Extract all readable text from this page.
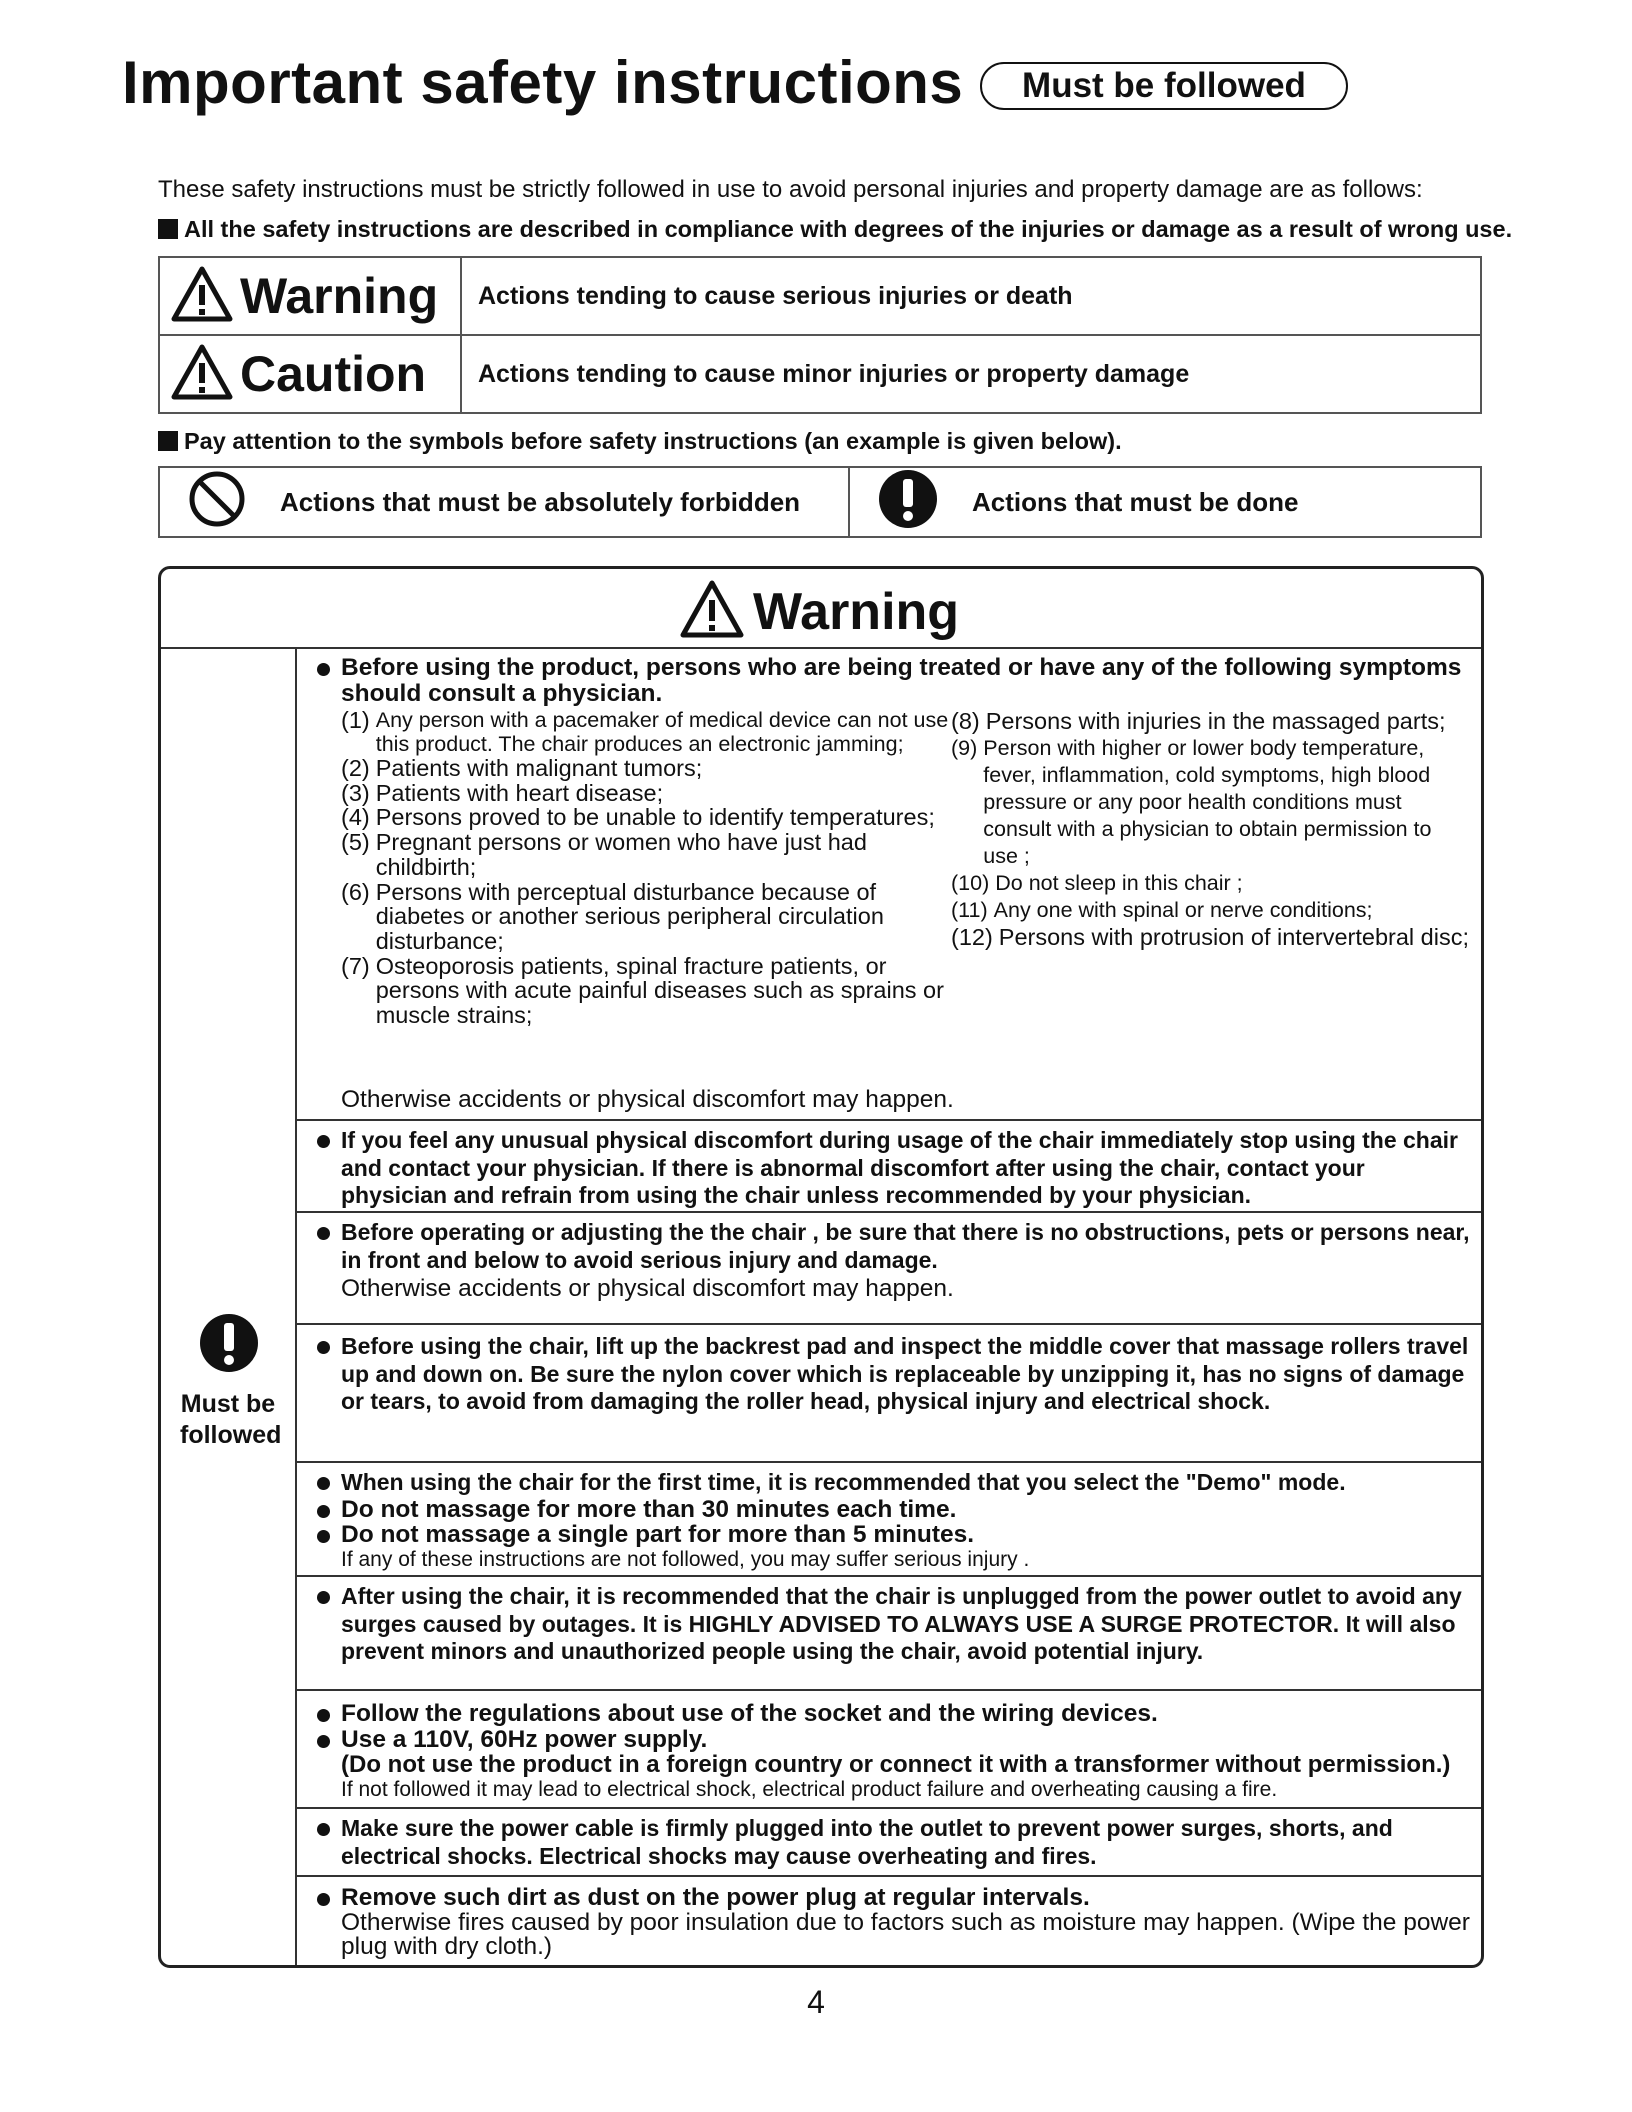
Important safety instructions	Must be followed
These safety instructions must be strictly followed in use to avoid personal injuries and property damage are as follows:
All the safety instructions are described in compliance with degrees of the injuries or damage as a result of wrong use.
Warning	Actions tending to cause serious injuries or death

Caution	Actions tending to cause minor injuries or property damage
Pay attention to the symbols before safety instructions (an example is given below).
Actions that must be absolutely forbidden	Actions that must be done
Warning
Must be followed
Before using the product, persons who are being treated or have any of the following symptoms should consult a physician.
(1) Any person with a pacemaker of medical device can not use this product. The chair produces an electronic jamming;
(2) Patients with malignant tumors;
(3) Patients with heart disease;
(4) Persons proved to be unable to identify temperatures;
(5) Pregnant persons or women who have just had childbirth;
(6) Persons with perceptual disturbance because of diabetes or another serious peripheral circulation disturbance;
(7) Osteoporosis patients, spinal fracture patients, or persons with acute painful diseases such as sprains or muscle strains;
(8) Persons with injuries in the massaged parts;
(9) Person with higher or lower body temperature, fever, inflammation, cold symptoms, high blood pressure or any poor health conditions must consult with a physician to obtain permission to use ;
(10) Do not sleep in this chair ;
(11) Any one with spinal or nerve conditions;
(12) Persons with protrusion of intervertebral disc;
Otherwise accidents or physical discomfort may happen.
If you feel any unusual physical discomfort during usage of the chair immediately stop using the chair and contact your physician. If there is abnormal discomfort after using the chair, contact your physician and refrain from using the chair unless recommended by your physician.
Before operating or adjusting the the chair , be sure that there is no obstructions, pets or persons near, in front and below to avoid serious injury and damage.
Otherwise accidents or physical discomfort may happen.
Before using the chair, lift up the backrest pad and inspect the middle cover that massage rollers travel up and down on. Be sure the nylon cover which is replaceable by unzipping it, has no signs of damage or tears, to avoid from damaging the roller head, physical injury and electrical shock.
When using the chair for the first time, it is recommended that you select the "Demo" mode.
Do not massage for more than 30 minutes each time.
Do not massage a single part for more than 5 minutes.
If any of these instructions are not followed, you may suffer serious injury .
After using the chair, it is recommended that the chair is unplugged from the power outlet to avoid any surges caused by outages. It is HIGHLY ADVISED TO ALWAYS USE A SURGE PROTECTOR. It will also prevent minors and unauthorized people using the chair, avoid potential injury.
Follow the regulations about use of the socket and the wiring devices.
Use a 110V, 60Hz power supply.
(Do not use the product in a foreign country or connect it with a transformer without permission.)
If not followed it may lead to electrical shock, electrical product failure and overheating causing a fire.
Make sure the power cable is firmly plugged into the outlet to prevent power surges, shorts, and electrical shocks. Electrical shocks may cause overheating and fires.
Remove such dirt as dust on the power plug at regular intervals.
Otherwise fires caused by poor insulation due to factors such as moisture may happen. (Wipe the power plug with dry cloth.)
4
